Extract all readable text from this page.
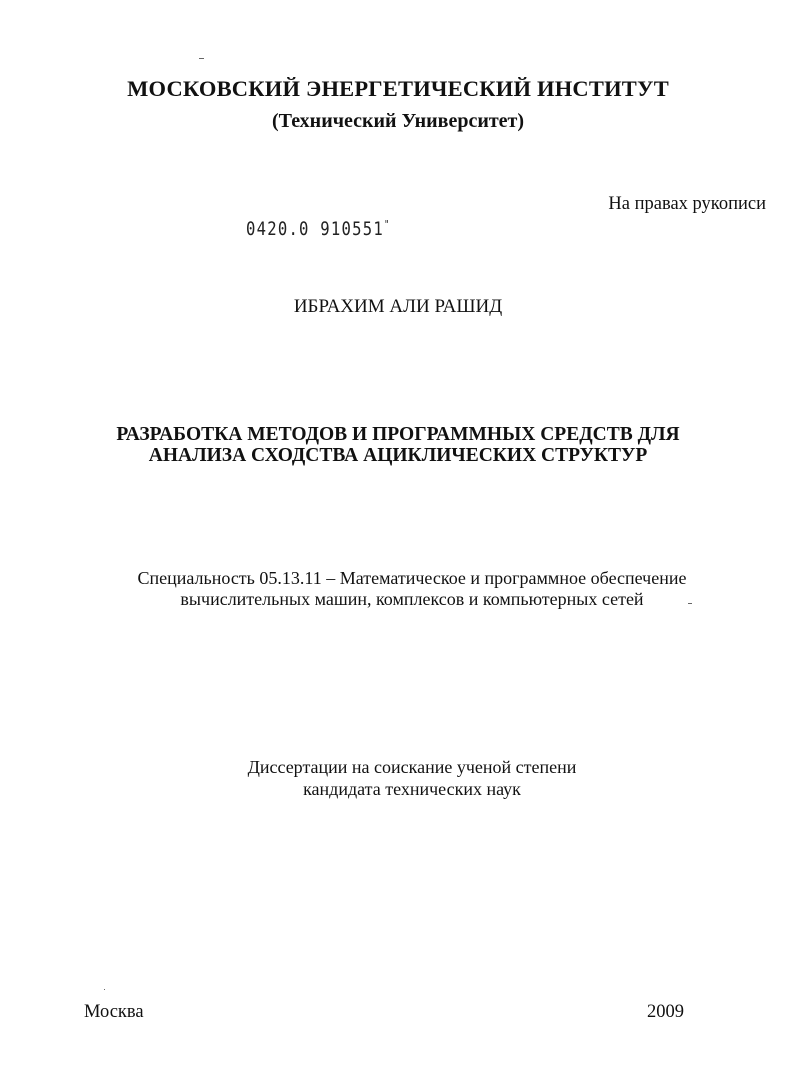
МОСКОВСКИЙ ЭНЕРГЕТИЧЕСКИЙ ИНСТИТУТ

(Технический Университет)

На правах рукописи

0420.0 910551"

ИБРАХИМ АЛИ РАШИД

РАЗРАБОТКА МЕТОДОВ И ПРОГРАММНЫХ СРЕДСТВ ДЛЯ
АНАЛИЗА СХОДСТВА АЦИКЛИЧЕСКИХ СТРУКТУР

Специальность 05.13.11 – Математическое и программное обеспечение
вычислительных машин, комплексов и компьютерных сетей

Диссертации на соискание ученой степени
кандидата технических наук

Москва	2009
